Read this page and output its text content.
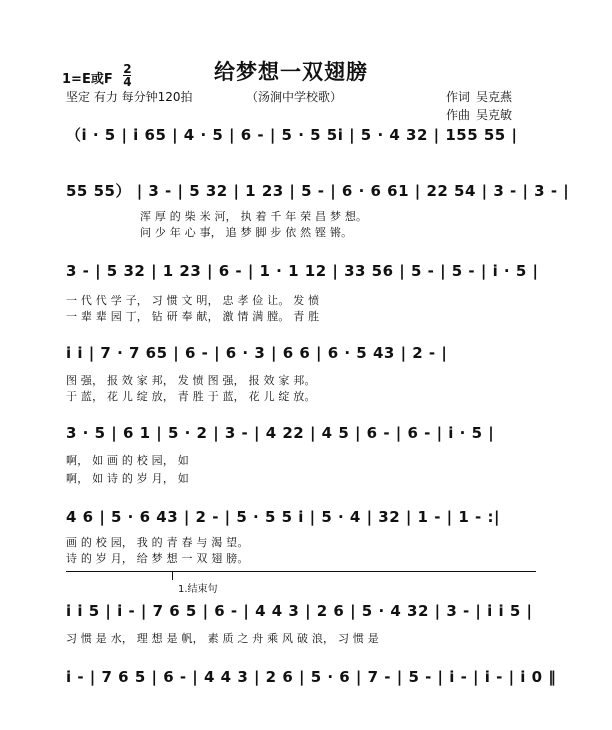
1=E或F $\frac{2}{4}$	给梦想一双翅膀
坚定 有力 每分钟120拍	（汤涧中学校歌）	作词 吴克燕
作曲 吴克敏
（i · 5 | i 65 | 4 · 5 | 6 - | 5 · 5 5i | 5 · 4 32 | 155 55 |
55 55） | 3 - | 5 32 | 1 23 | 5 - | 6 · 6 61 | 22 54 | 3 - | 3 - |
浑 厚 的 柴 米 河， 执 着 千 年 荣 昌 梦 想。
问 少 年 心 事， 追 梦 脚 步 依 然 铿 锵。
3 - | 5 32 | 1 23 | 6 - | 1 · 1 12 | 33 56 | 5 - | 5 - | i · 5 |
一 代 代 学 子， 习 惯 文 明， 忠 孝 俭 让。 发 愤
一 辈 辈 园 丁， 钻 研 奉 献， 激 情 满 膛。 青 胜
i i | 7 · 7 65 | 6 - | 6 · 3 | 6 6 | 6 · 5 43 | 2 - |
图 强， 报 效 家 邦， 发 愤 图 强， 报 效 家 邦。
于 蓝， 花 儿 绽 放， 青 胜 于 蓝， 花 儿 绽 放。
3 · 5 | 6 1 | 5 · 2 | 3 - | 4 22 | 4 5 | 6 - | 6 - | i · 5 |
啊， 如 画 的 校 园， 如
啊， 如 诗 的 岁 月， 如
4 6 | 5 · 6 43 | 2 - | 5 · 5 5 i | 5 · 4 | 32 | 1 - | 1 - :|
画 的 校 园， 我 的 青 春 与 渴 望。
诗 的 岁 月， 给 梦 想 一 双 翅 膀。
1.结束句
i i 5 | i - | 7 6 5 | 6 - | 4 4 3 | 2 6 | 5 · 4 32 | 3 - | i i 5 |
习 惯 是 水， 理 想 是 帆， 素 质 之 舟 乘 风 破 浪， 习 惯 是
i - | 7 6 5 | 6 - | 4 4 3 | 2 6 | 5 · 6 | 7 - | 5 - | i - | i - | i 0 ‖
